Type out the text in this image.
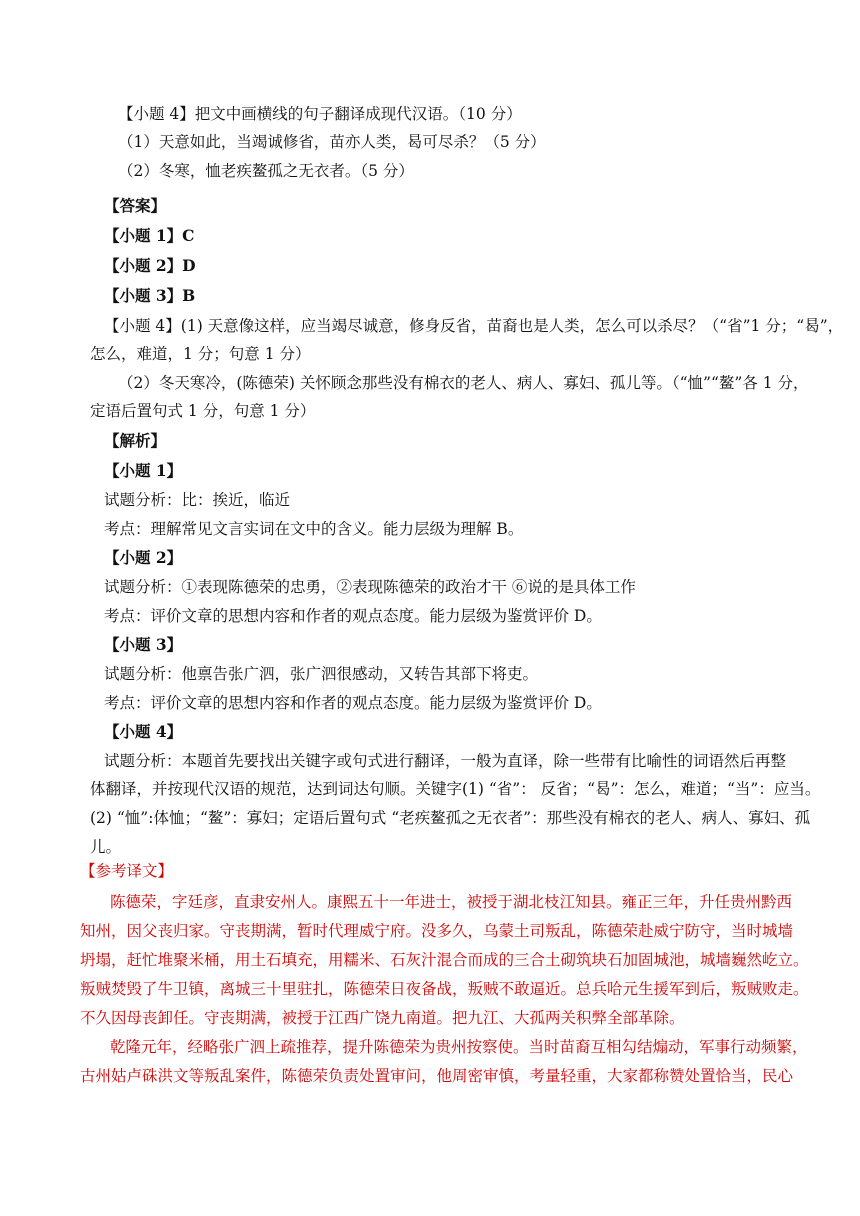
【小题 4】把文中画横线的句子翻译成现代汉语。（10 分）
（1）天意如此，当竭诚修省，苗亦人类，曷可尽杀？（5 分）
（2）冬寒，恤老疾鳌孤之无衣者。（5 分）
【答案】
【小题 1】C
【小题 2】D
【小题 3】B
【小题 4】(1) 天意像这样，应当竭尽诚意，修身反省，苗裔也是人类，怎么可以杀尽？（“省”1 分；“曷”，
怎么，难道，1 分；句意 1 分）
（2）冬天寒冷，(陈德荣) 关怀顾念那些没有棉衣的老人、病人、寡妇、孤儿等。（“恤”“鳌”各 1 分，
定语后置句式 1 分，句意 1 分）
【解析】
【小题 1】
试题分析：比：挨近，临近
考点：理解常见文言实词在文中的含义。能力层级为理解 B。
【小题 2】
试题分析：①表现陈德荣的忠勇，②表现陈德荣的政治才干 ⑥说的是具体工作
考点：评价文章的思想内容和作者的观点态度。能力层级为鉴赏评价 D。
【小题 3】
试题分析：他禀告张广泗，张广泗很感动，又转告其部下将吏。
考点：评价文章的思想内容和作者的观点态度。能力层级为鉴赏评价 D。
【小题 4】
试题分析：本题首先要找出关键字或句式进行翻译，一般为直译，除一些带有比喻性的词语然后再整
体翻译，并按现代汉语的规范，达到词达句顺。关键字(1) “省”： 反省；“曷”：怎么，难道；“当”：应当。
(2) “恤”:体恤；“鳌”：寡妇；定语后置句式 “老疾鳌孤之无衣者”：那些没有棉衣的老人、病人、寡妇、孤
儿。
【参考译文】
陈德荣，字廷彦，直隶安州人。康熙五十一年进士，被授于湖北枝江知县。雍正三年，升任贵州黔西
知州，因父丧归家。守丧期满，暂时代理威宁府。没多久，乌蒙土司叛乱，陈德荣赴威宁防守，当时城墙
坍塌，赶忙堆聚米桶，用土石填充，用糯米、石灰汁混合而成的三合土砌筑块石加固城池，城墙巍然屹立。
叛贼焚毁了牛卫镇，离城三十里驻扎，陈德荣日夜备战，叛贼不敢逼近。总兵哈元生援军到后，叛贼败走。
不久因母丧卸任。守丧期满，被授于江西广饶九南道。把九江、大孤两关积弊全部革除。
乾隆元年，经略张广泗上疏推荐，提升陈德荣为贵州按察使。当时苗裔互相勾结煽动，军事行动频繁，
古州姑卢硃洪文等叛乱案件，陈德荣负责处置审问，他周密审慎，考量轻重，大家都称赞处置恰当，民心
